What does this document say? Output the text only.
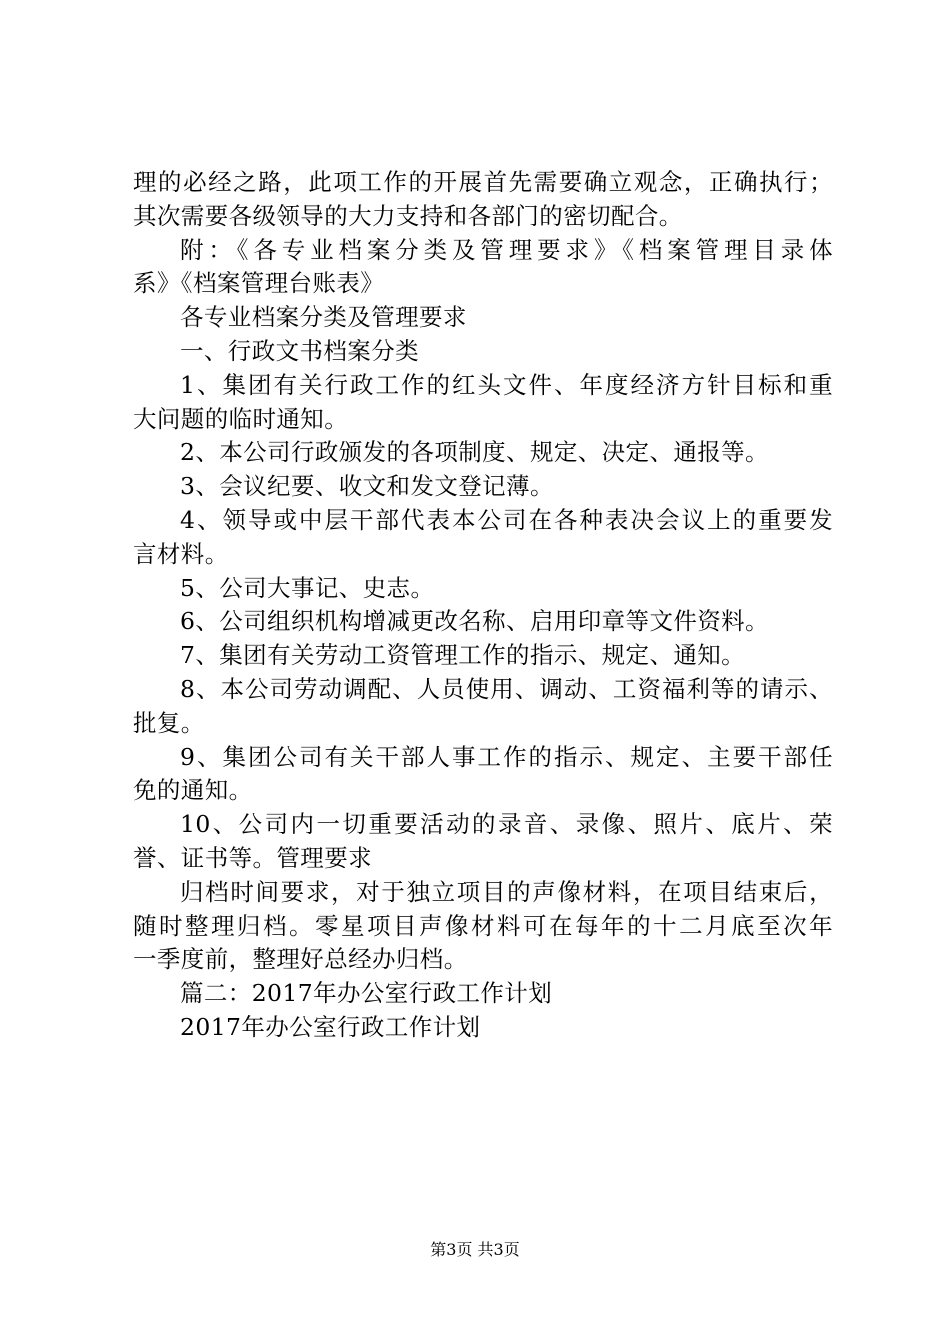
理的必经之路，此项工作的开展首先需要确立观念，正确执行；
其次需要各级领导的大力支持和各部门的密切配合。
附：《各专业档案分类及管理要求》《档案管理目录体
系》《档案管理台账表》
各专业档案分类及管理要求
一、行政文书档案分类
1、集团有关行政工作的红头文件、年度经济方针目标和重
大问题的临时通知。
2、本公司行政颁发的各项制度、规定、决定、通报等。
3、会议纪要、收文和发文登记薄。
4、领导或中层干部代表本公司在各种表决会议上的重要发
言材料。
5、公司大事记、史志。
6、公司组织机构增减更改名称、启用印章等文件资料。
7、集团有关劳动工资管理工作的指示、规定、通知。
8、本公司劳动调配、人员使用、调动、工资福利等的请示、
批复。
9、集团公司有关干部人事工作的指示、规定、主要干部任
免的通知。
10、公司内一切重要活动的录音、录像、照片、底片、荣
誉、证书等。管理要求
归档时间要求，对于独立项目的声像材料，在项目结束后，
随时整理归档。零星项目声像材料可在每年的十二月底至次年
一季度前，整理好总经办归档。
篇二：2017年办公室行政工作计划
2017年办公室行政工作计划
第3页 共3页
